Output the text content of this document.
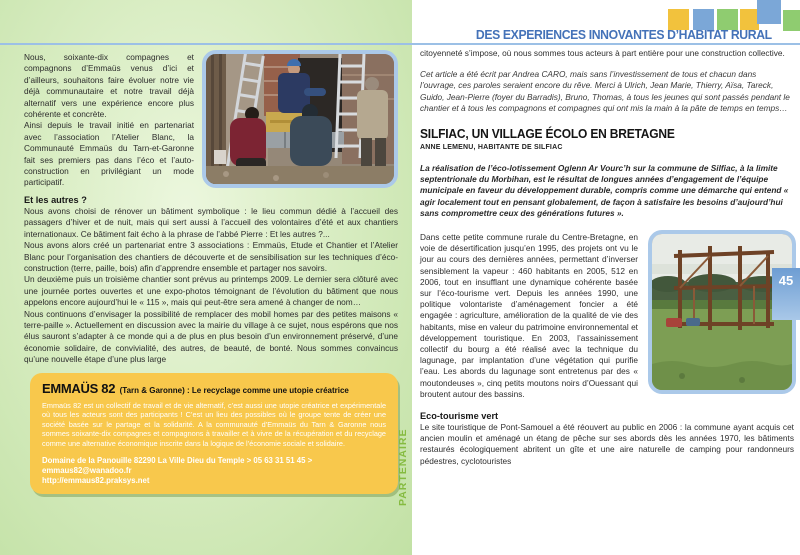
DES EXPERIENCES INNOVANTES D’HABITAT RURAL

Nous, soixante-dix compagnes et compagnons d’Emmaüs venus d’ici et d’ailleurs, souhaitons faire évoluer notre vie déjà communautaire et notre travail déjà alternatif vers une expérience encore plus cohérente et concrète.

Ainsi depuis le travail initié en partenariat avec l’association l’Atelier Blanc, la Communauté Emmaüs du Tarn-et-Garonne fait ses premiers pas dans l’éco et l’auto-construction en privilégiant un mode participatif.

Et les autres ?

Nous avons choisi de rénover un bâtiment symbolique : le lieu commun dédié à l’accueil des passagers d’hiver et de nuit, mais qui sert aussi à l’accueil des volontaires d’été et aux chantiers internationaux. Ce bâtiment fait écho à la phrase de l’abbé Pierre : Et les autres ?...

Nous avons alors créé un partenariat entre 3 associations : Emmaüs, Etude et Chantier et l’Atelier Blanc pour l’organisation des chantiers de découverte et de sensibilisation sur les techniques d’éco-construction (terre, paille, bois) afin d’apprendre ensemble et partager nos savoirs.

Un deuxième puis un troisième chantier sont prévus au printemps 2009. Le dernier sera clôturé avec une journée portes ouvertes et une expo-photos témoignant de l’évolution du bâtiment que nous appelons encore aujourd’hui le « 115 », mais qui peut-être sera amené à changer de nom…

Nous continuons d’envisager la possibilité de remplacer des mobil homes par des petites maisons « terre-paille ». Actuellement en discussion avec la mairie du village à ce sujet, nous espérons que nos élus sauront s’adapter à ce monde qui a de plus en plus besoin d’un environnement préservé, d’une économie solidaire, de convivialité, des autres, de beauté, de bonté. Nous sommes convaincus qu’une nouvelle étape d’une plus large

EMMAÜS 82 (Tarn & Garonne) : Le recyclage comme une utopie créatrice
Emmaüs 82 est un collectif de travail et de vie alternatif, c’est aussi une utopie créatrice et expérimentale où tous les acteurs sont des participants ! C’est un lieu des possibles où le groupe tente de créer une société basée sur le partage et la solidarité. A la communauté d’Emmaüs du Tarn & Garonne nous sommes soixante-dix compagnes et compagnons à travailler et à vivre de la récupération et du recyclage comme une alternative économique inscrite dans la logique de l’économie sociale et solidaire.
Domaine de la Panouille 82290 La Ville Dieu du Temple > 05 63 31 51 45 > emmaus82@wanadoo.fr
http://emmaus82.praksys.net	PARTENAIRE

citoyenneté s’impose, où nous sommes tous acteurs à part entière pour une construction collective.

Cet article a été écrit par Andrea CARO, mais sans l’investissement de tous et chacun dans l’ouvrage, ces paroles seraient encore du rêve. Merci à Ulrich, Jean Marie, Thierry, Aïsa, Tareck, Guido, Jean-Pierre (foyer du Barradis), Bruno, Thomas, à tous les jeunes qui sont passés pendant le chantier et à tous les compagnons et compagnes qui ont mis la main à la pâte de temps en temps…

SILFIAC, UN VILLAGE ÉCOLO EN BRETAGNE
ANNE LEMENU, HABITANTE DE SILFIAC

La réalisation de l’éco-lotissement Oglenn Ar Vourc’h sur la commune de Silfiac, à la limite septentrionale du Morbihan, est le résultat de longues années d’engagement de l’équipe municipale en faveur du développement durable, compris comme une démarche qui entend « agir localement tout en pensant globalement, de façon à satisfaire les besoins d’aujourd’hui sans compromettre ceux des générations futures ».

Dans cette petite commune rurale du Centre-Bretagne, en voie de désertification jusqu’en 1995, des projets ont vu le jour au cours des dernières années, permettant d’inverser sensiblement la vapeur : 460 habitants en 2005, 512 en 2006, tout en insufflant une dynamique cohérente basée sur l’éco-tourisme vert. Depuis les années 1990, une politique volontariste d’aménagement foncier a été engagée : agriculture, amélioration de la qualité de vie des habitants, mise en valeur du patrimoine environnemental et développement touristique. En 2003, l’assainissement collectif du bourg a été réalisé avec la technique du lagunage, par implantation d’une végétation qui purifie l’eau. Les abords du lagunage sont entretenus par des « moutondeuses », cinq petits moutons noirs d’Ouessant qui broutent autour des bassins.

Eco-tourisme vert

Le site touristique de Pont-Samouel a été réouvert au public en 2006 : la commune ayant acquis cet ancien moulin et aménagé un étang de pêche sur ses abords dès les années 1970, les bâtiments restaurés écologiquement abritent un gîte et une aire naturelle de camping pour randonneurs pédestres, cyclotouristes

45
